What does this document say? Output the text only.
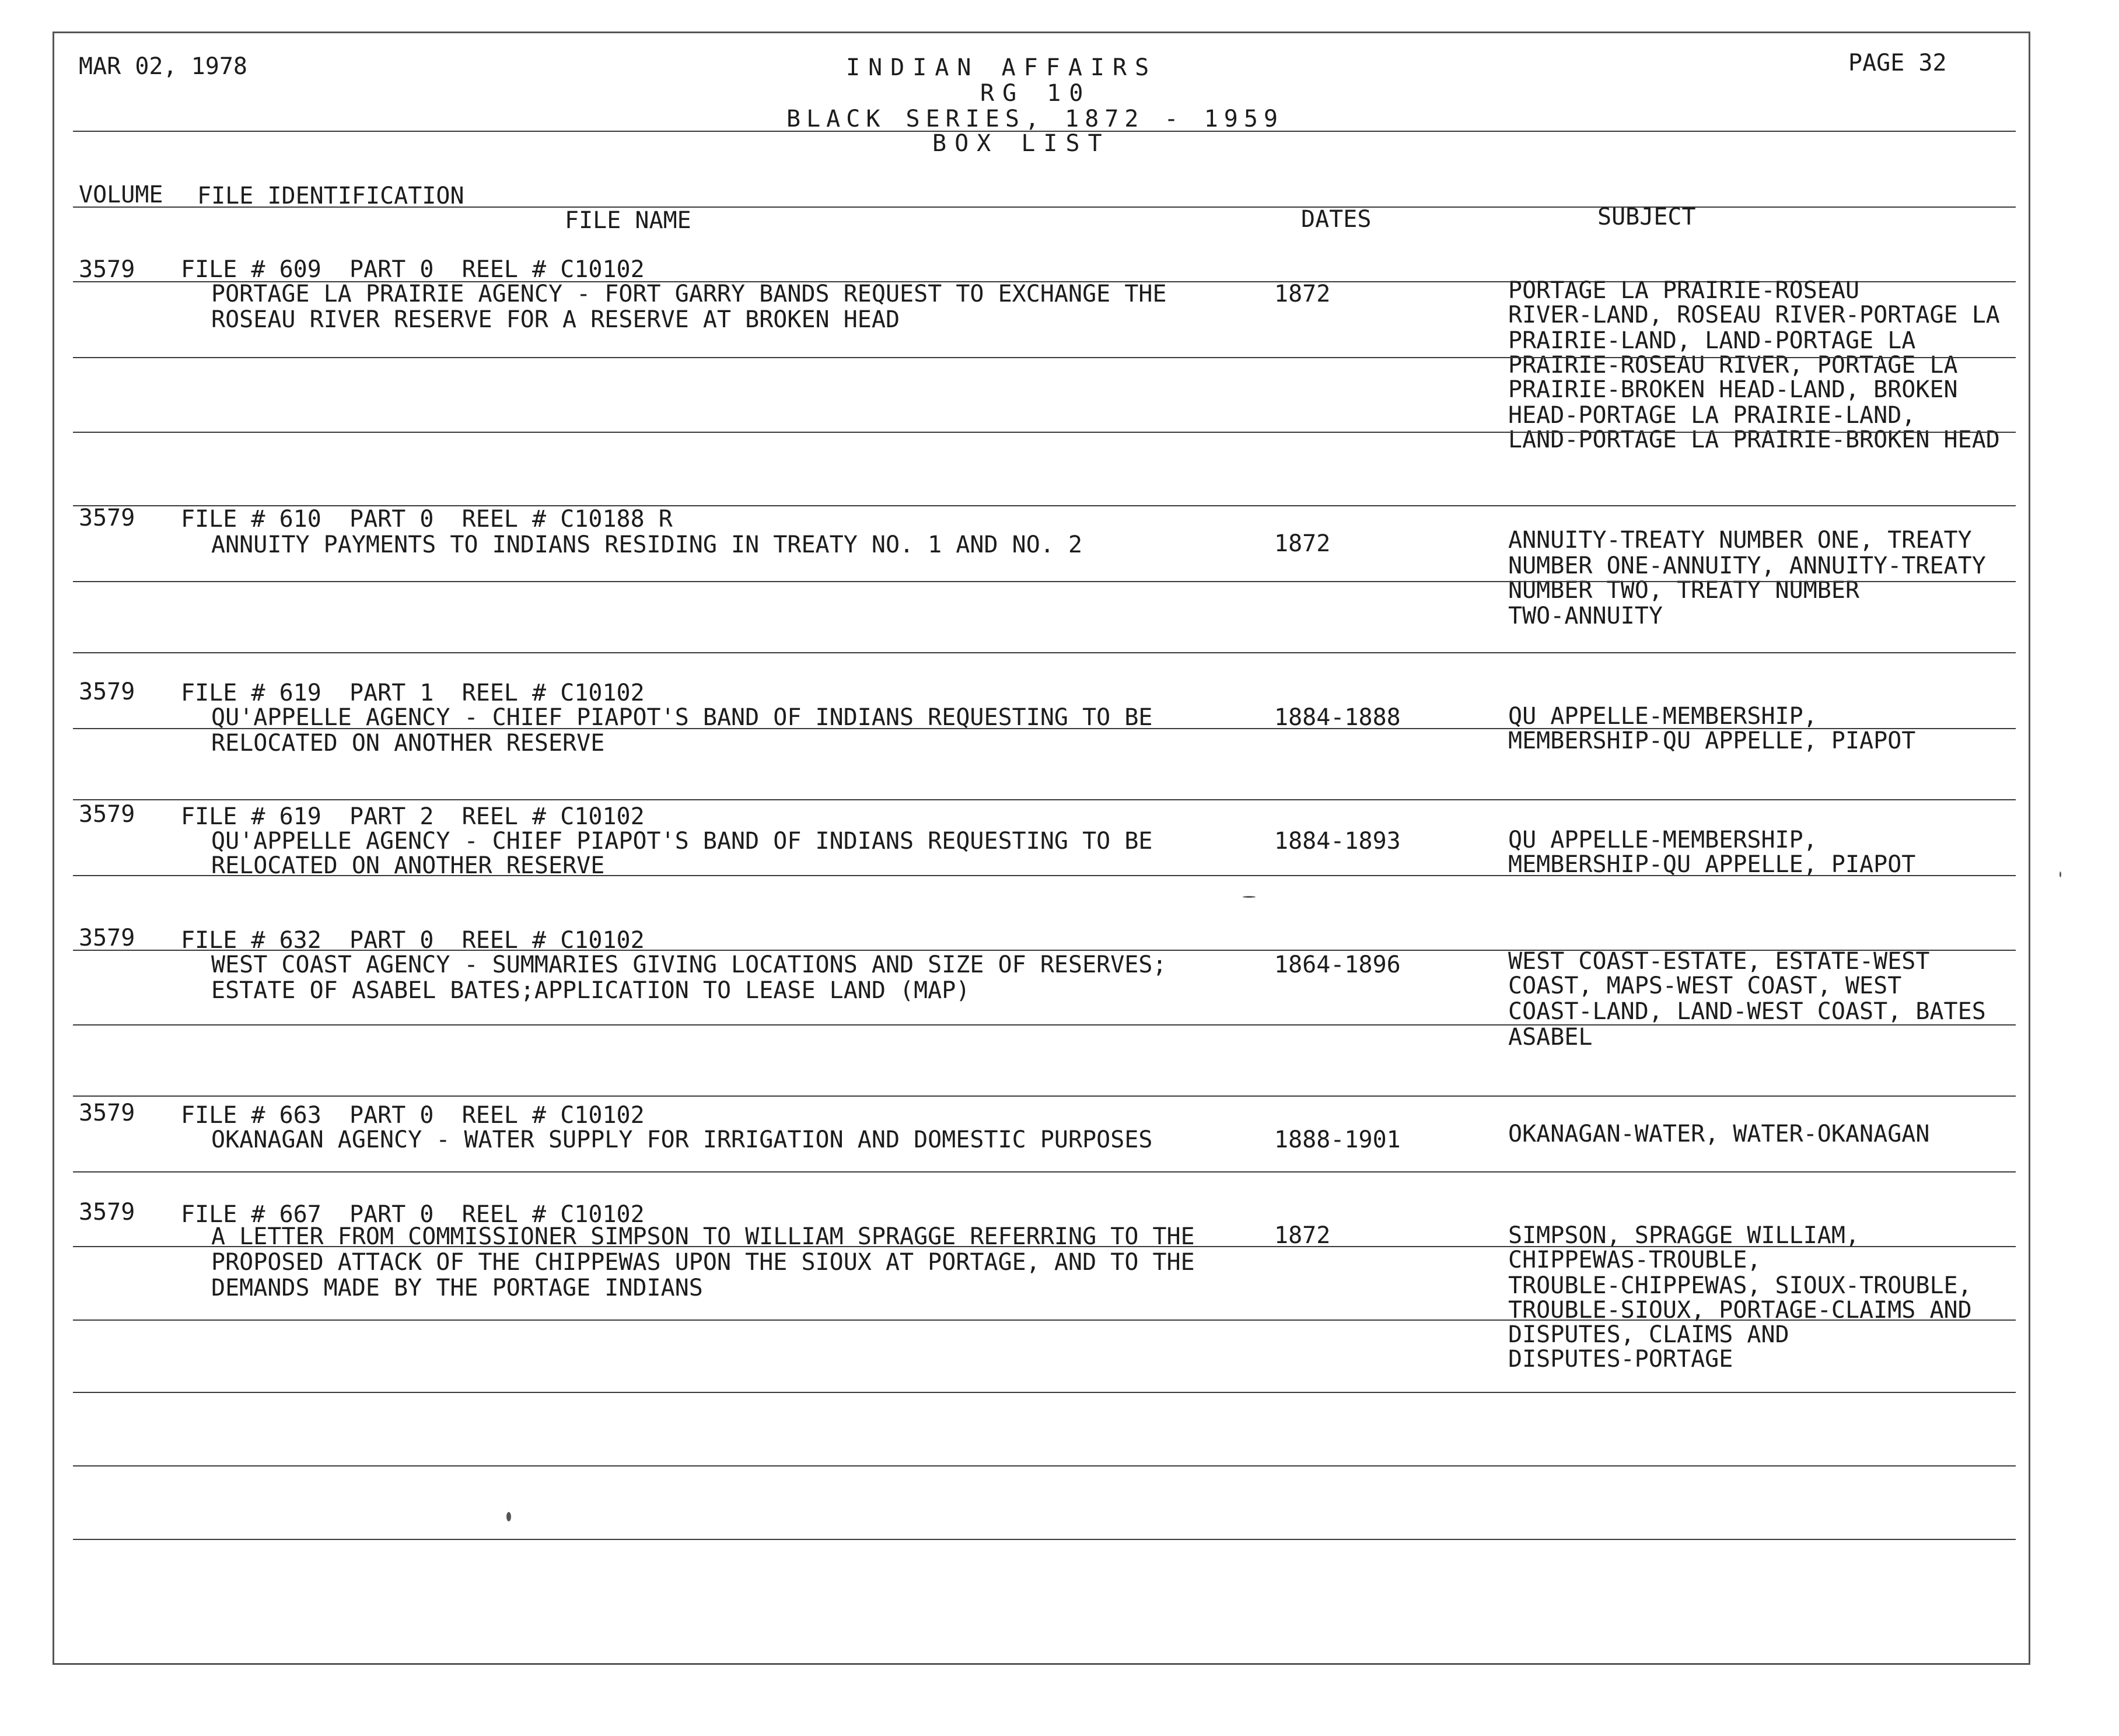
MAR 02, 1978	PAGE 32
INDIAN AFFAIRS
RG 10
BLACK SERIES, 1872 - 1959
BOX LIST
VOLUME FILE IDENTIFICATION
FILE NAME	DATES	SUBJECT
3579 FILE # 609  PART 0  REEL # C10102
PORTAGE LA PRAIRIE AGENCY - FORT GARRY BANDS REQUEST TO EXCHANGE THE
ROSEAU RIVER RESERVE FOR A RESERVE AT BROKEN HEAD
1872	PORTAGE LA PRAIRIE-ROSEAU
RIVER-LAND, ROSEAU RIVER-PORTAGE LA
PRAIRIE-LAND, LAND-PORTAGE LA
PRAIRIE-ROSEAU RIVER, PORTAGE LA
PRAIRIE-BROKEN HEAD-LAND, BROKEN
HEAD-PORTAGE LA PRAIRIE-LAND,
LAND-PORTAGE LA PRAIRIE-BROKEN HEAD
3579 FILE # 610  PART 0  REEL # C10188 R
ANNUITY PAYMENTS TO INDIANS RESIDING IN TREATY NO. 1 AND NO. 2	1872	ANNUITY-TREATY NUMBER ONE, TREATY
NUMBER ONE-ANNUITY, ANNUITY-TREATY
NUMBER TWO, TREATY NUMBER
TWO-ANNUITY
3579 FILE # 619  PART 1  REEL # C10102
QU'APPELLE AGENCY - CHIEF PIAPOT'S BAND OF INDIANS REQUESTING TO BE
RELOCATED ON ANOTHER RESERVE
1884-1888	QU APPELLE-MEMBERSHIP,
MEMBERSHIP-QU APPELLE, PIAPOT
3579 FILE # 619  PART 2  REEL # C10102
QU'APPELLE AGENCY - CHIEF PIAPOT'S BAND OF INDIANS REQUESTING TO BE
RELOCATED ON ANOTHER RESERVE
1884-1893	QU APPELLE-MEMBERSHIP,
MEMBERSHIP-QU APPELLE, PIAPOT
3579 FILE # 632  PART 0  REEL # C10102
WEST COAST AGENCY - SUMMARIES GIVING LOCATIONS AND SIZE OF RESERVES;
ESTATE OF ASABEL BATES;APPLICATION TO LEASE LAND (MAP)
1864-1896	WEST COAST-ESTATE, ESTATE-WEST
COAST, MAPS-WEST COAST, WEST
COAST-LAND, LAND-WEST COAST, BATES
ASABEL
3579 FILE # 663  PART 0  REEL # C10102
OKANAGAN AGENCY - WATER SUPPLY FOR IRRIGATION AND DOMESTIC PURPOSES	1888-1901	OKANAGAN-WATER, WATER-OKANAGAN
3579 FILE # 667  PART 0  REEL # C10102
A LETTER FROM COMMISSIONER SIMPSON TO WILLIAM SPRAGGE REFERRING TO THE
PROPOSED ATTACK OF THE CHIPPEWAS UPON THE SIOUX AT PORTAGE, AND TO THE
DEMANDS MADE BY THE PORTAGE INDIANS
1872	SIMPSON, SPRAGGE WILLIAM,
CHIPPEWAS-TROUBLE,
TROUBLE-CHIPPEWAS, SIOUX-TROUBLE,
TROUBLE-SIOUX, PORTAGE-CLAIMS AND
DISPUTES, CLAIMS AND
DISPUTES-PORTAGE
